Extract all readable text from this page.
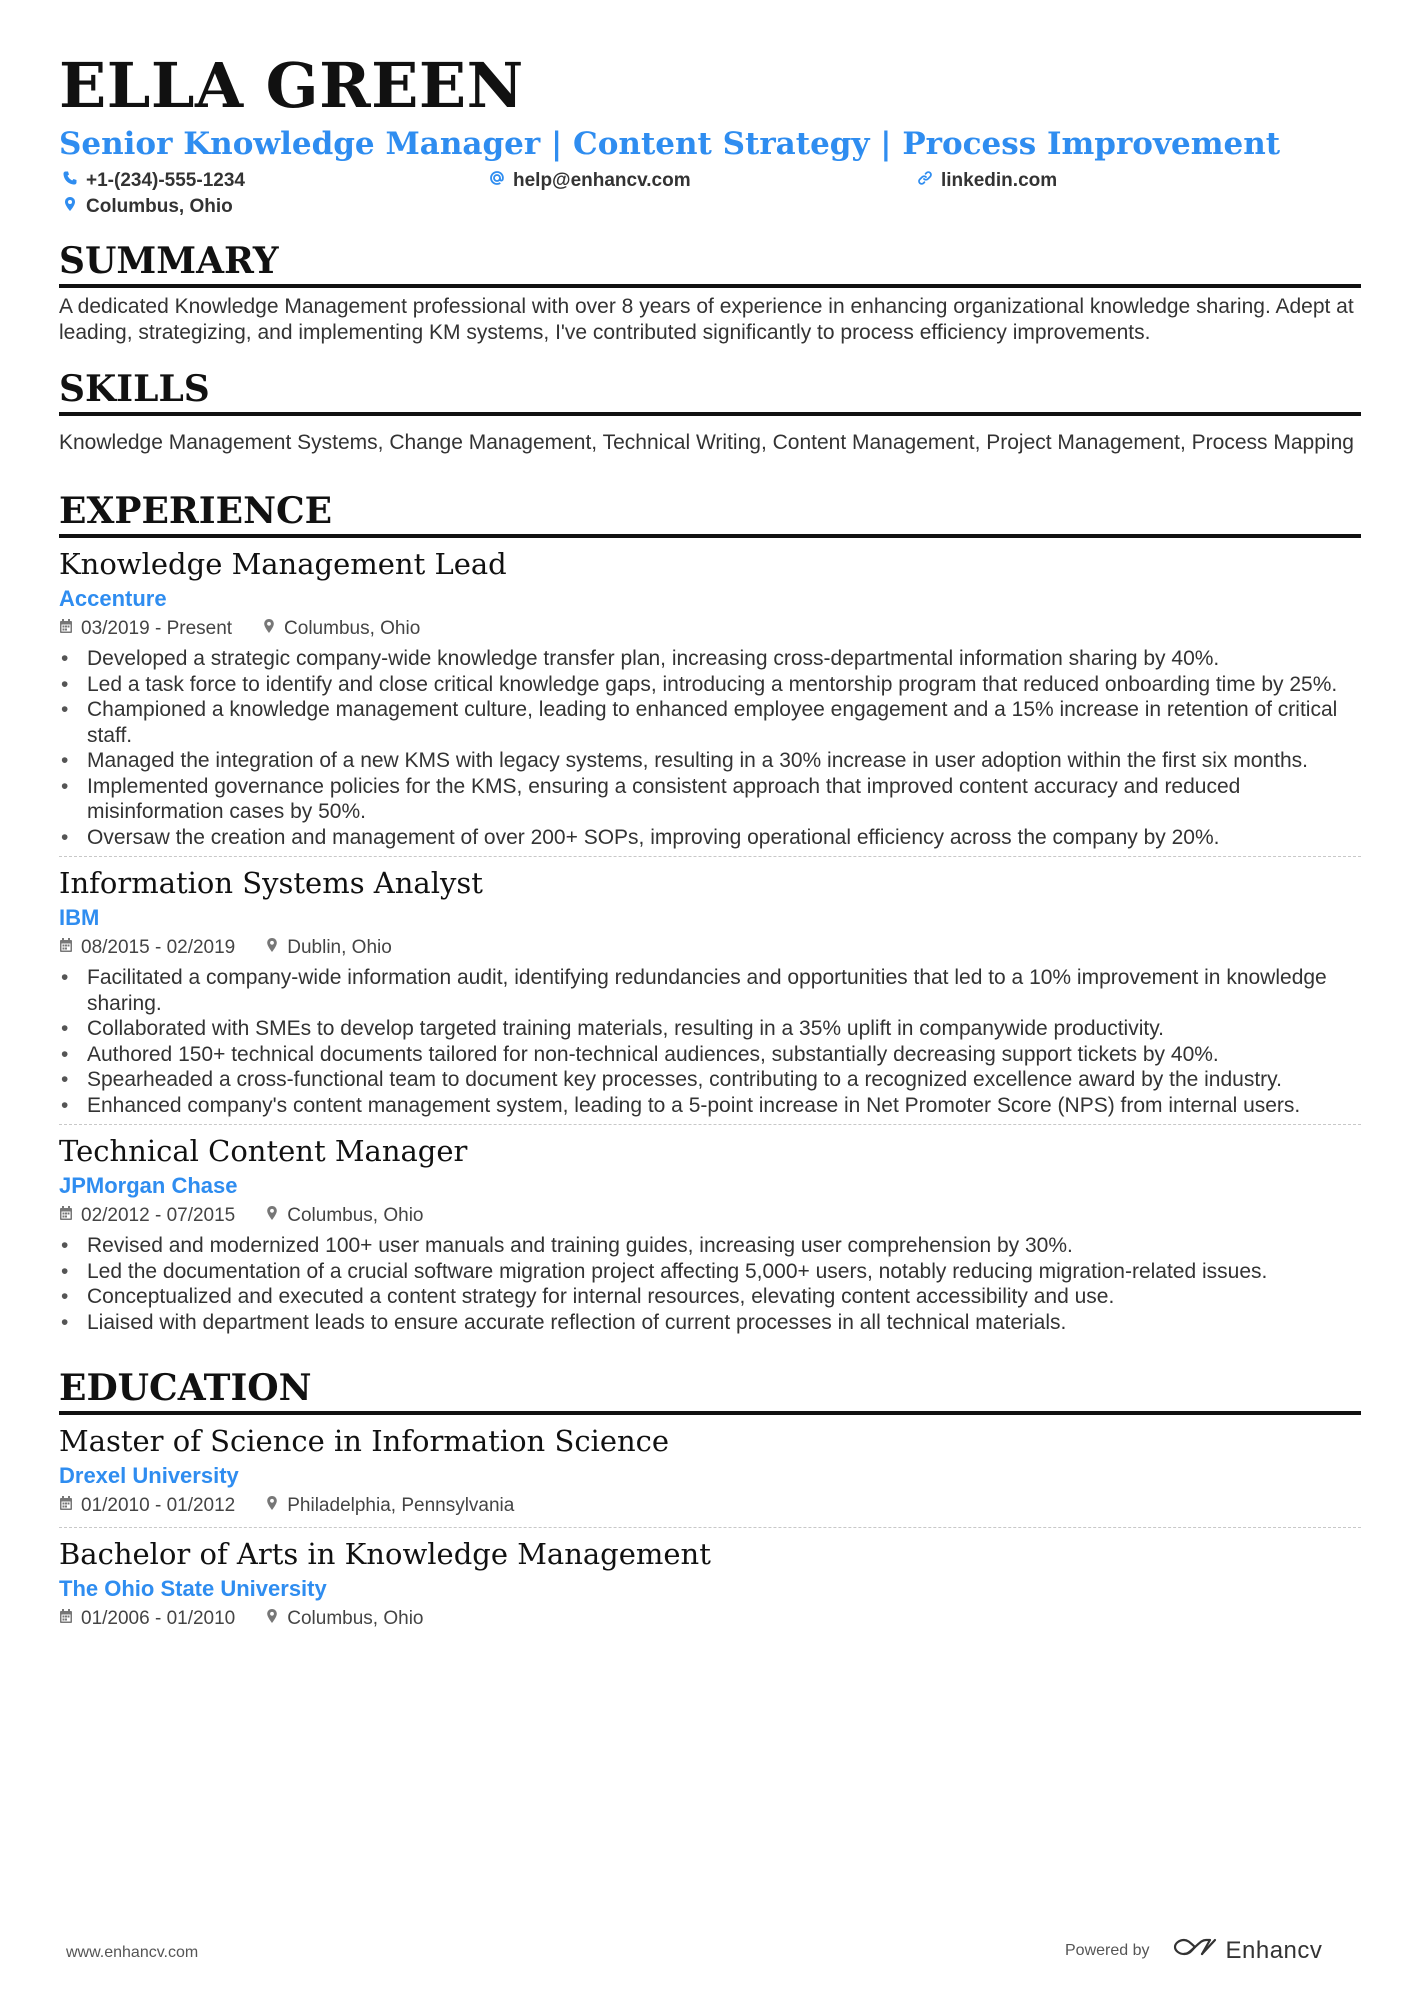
ELLA GREEN
Senior Knowledge Manager | Content Strategy | Process Improvement
+1-(234)-555-1234	help@enhancv.com	linkedin.com
Columbus, Ohio
SUMMARY
A dedicated Knowledge Management professional with over 8 years of experience in enhancing organizational knowledge sharing. Adept at leading, strategizing, and implementing KM systems, I've contributed significantly to process efficiency improvements.
SKILLS
Knowledge Management Systems, Change Management, Technical Writing, Content Management, Project Management, Process Mapping
EXPERIENCE
Knowledge Management Lead
Accenture
03/2019 - Present	Columbus, Ohio
• Developed a strategic company-wide knowledge transfer plan, increasing cross-departmental information sharing by 40%.
• Led a task force to identify and close critical knowledge gaps, introducing a mentorship program that reduced onboarding time by 25%.
• Championed a knowledge management culture, leading to enhanced employee engagement and a 15% increase in retention of critical staff.
• Managed the integration of a new KMS with legacy systems, resulting in a 30% increase in user adoption within the first six months.
• Implemented governance policies for the KMS, ensuring a consistent approach that improved content accuracy and reduced misinformation cases by 50%.
• Oversaw the creation and management of over 200+ SOPs, improving operational efficiency across the company by 20%.
Information Systems Analyst
IBM
08/2015 - 02/2019	Dublin, Ohio
• Facilitated a company-wide information audit, identifying redundancies and opportunities that led to a 10% improvement in knowledge sharing.
• Collaborated with SMEs to develop targeted training materials, resulting in a 35% uplift in companywide productivity.
• Authored 150+ technical documents tailored for non-technical audiences, substantially decreasing support tickets by 40%.
• Spearheaded a cross-functional team to document key processes, contributing to a recognized excellence award by the industry.
• Enhanced company's content management system, leading to a 5-point increase in Net Promoter Score (NPS) from internal users.
Technical Content Manager
JPMorgan Chase
02/2012 - 07/2015	Columbus, Ohio
• Revised and modernized 100+ user manuals and training guides, increasing user comprehension by 30%.
• Led the documentation of a crucial software migration project affecting 5,000+ users, notably reducing migration-related issues.
• Conceptualized and executed a content strategy for internal resources, elevating content accessibility and use.
• Liaised with department leads to ensure accurate reflection of current processes in all technical materials.
EDUCATION
Master of Science in Information Science
Drexel University
01/2010 - 01/2012	Philadelphia, Pennsylvania
Bachelor of Arts in Knowledge Management
The Ohio State University
01/2006 - 01/2010	Columbus, Ohio
www.enhancv.com	Powered by	Enhancv
